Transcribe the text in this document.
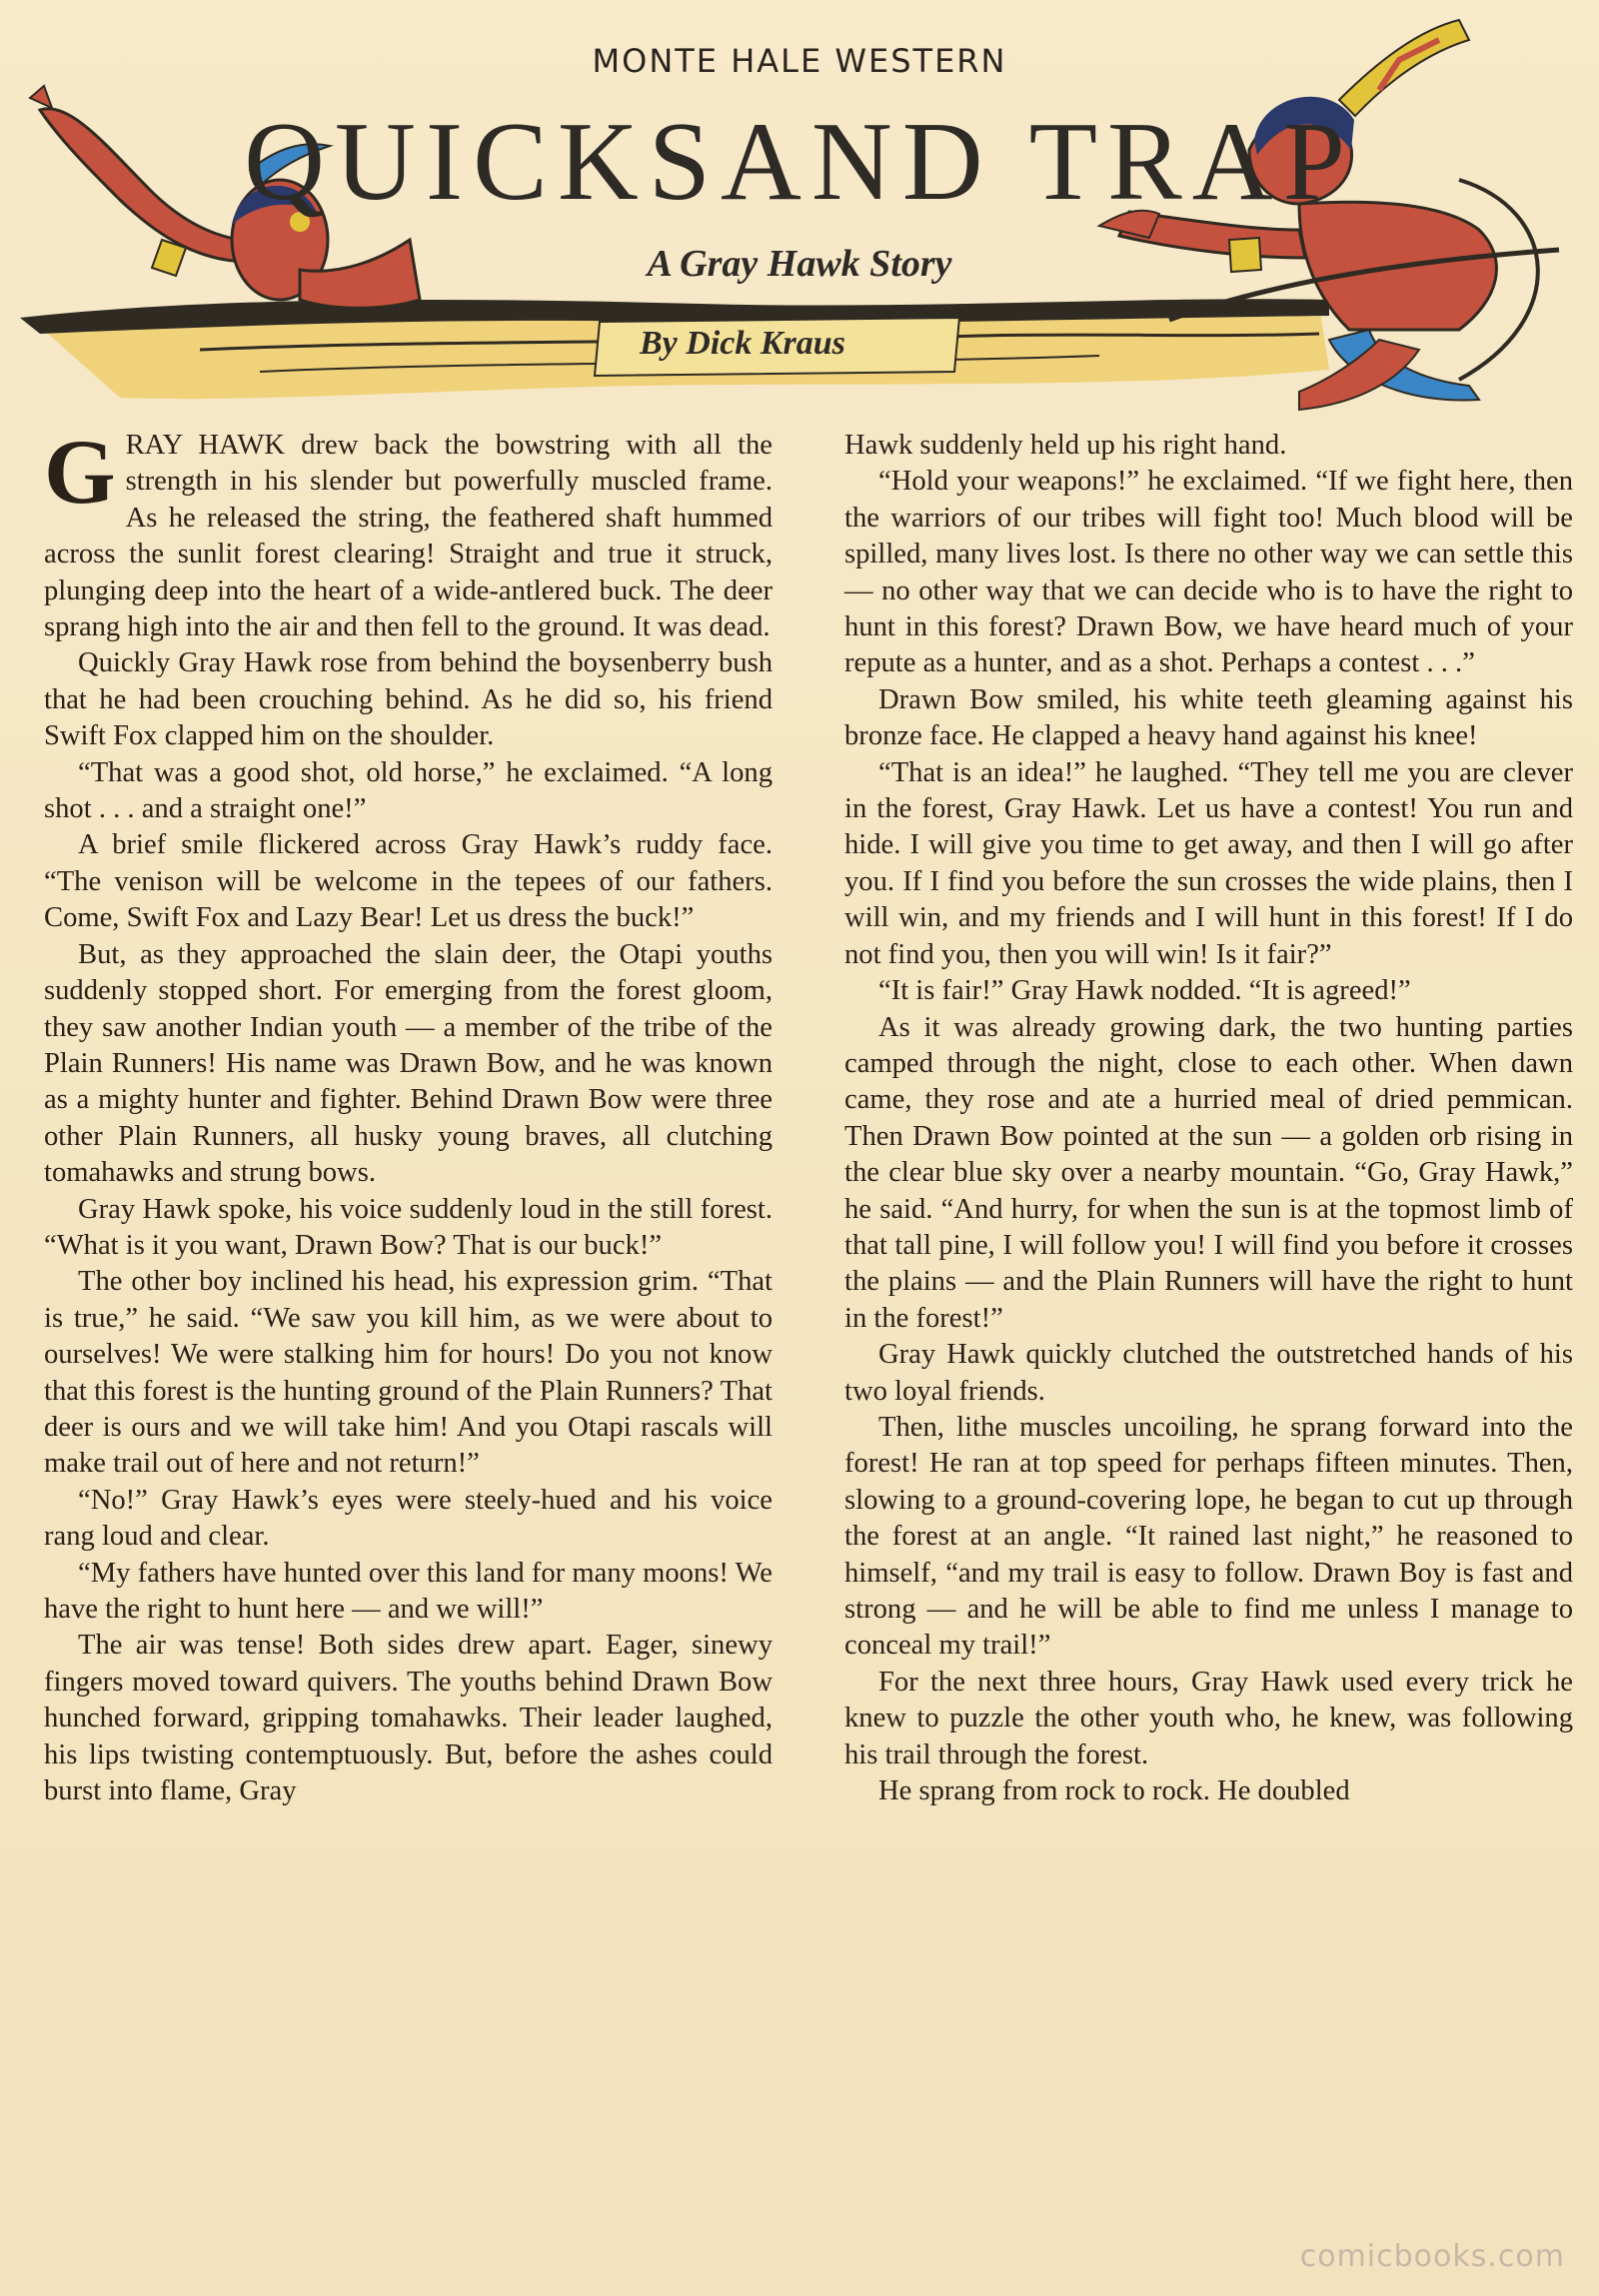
MONTE HALE WESTERN
QUICKSAND TRAP
A Gray Hawk Story
By Dick Kraus

GRAY HAWK drew back the bowstring with all the strength in his slender but powerfully muscled frame. As he released the string, the feathered shaft hummed across the sunlit forest clearing! Straight and true it struck, plunging deep into the heart of a wide-antlered buck. The deer sprang high into the air and then fell to the ground. It was dead.

Quickly Gray Hawk rose from behind the boysenberry bush that he had been crouching behind. As he did so, his friend Swift Fox clapped him on the shoulder.

“That was a good shot, old horse,” he exclaimed. “A long shot . . . and a straight one!”

A brief smile flickered across Gray Hawk’s ruddy face. “The venison will be welcome in the tepees of our fathers. Come, Swift Fox and Lazy Bear! Let us dress the buck!”

But, as they approached the slain deer, the Otapi youths suddenly stopped short. For emerging from the forest gloom, they saw another Indian youth — a member of the tribe of the Plain Runners! His name was Drawn Bow, and he was known as a mighty hunter and fighter. Behind Drawn Bow were three other Plain Runners, all husky young braves, all clutching tomahawks and strung bows.

Gray Hawk spoke, his voice suddenly loud in the still forest. “What is it you want, Drawn Bow? That is our buck!”

The other boy inclined his head, his expression grim. “That is true,” he said. “We saw you kill him, as we were about to ourselves! We were stalking him for hours! Do you not know that this forest is the hunting ground of the Plain Runners? That deer is ours and we will take him! And you Otapi rascals will make trail out of here and not return!”

“No!” Gray Hawk’s eyes were steely-hued and his voice rang loud and clear.

“My fathers have hunted over this land for many moons! We have the right to hunt here — and we will!”

The air was tense! Both sides drew apart. Eager, sinewy fingers moved toward quivers. The youths behind Drawn Bow hunched forward, gripping tomahawks. Their leader laughed, his lips twisting contemptuously. But, before the ashes could burst into flame, Gray

Hawk suddenly held up his right hand.

“Hold your weapons!” he exclaimed. “If we fight here, then the warriors of our tribes will fight too! Much blood will be spilled, many lives lost. Is there no other way we can settle this — no other way that we can decide who is to have the right to hunt in this forest? Drawn Bow, we have heard much of your repute as a hunter, and as a shot. Perhaps a contest . . .”

Drawn Bow smiled, his white teeth gleaming against his bronze face. He clapped a heavy hand against his knee!

“That is an idea!” he laughed. “They tell me you are clever in the forest, Gray Hawk. Let us have a contest! You run and hide. I will give you time to get away, and then I will go after you. If I find you before the sun crosses the wide plains, then I will win, and my friends and I will hunt in this forest! If I do not find you, then you will win! Is it fair?”

“It is fair!” Gray Hawk nodded. “It is agreed!”

As it was already growing dark, the two hunting parties camped through the night, close to each other. When dawn came, they rose and ate a hurried meal of dried pemmican. Then Drawn Bow pointed at the sun — a golden orb rising in the clear blue sky over a nearby mountain. “Go, Gray Hawk,” he said. “And hurry, for when the sun is at the topmost limb of that tall pine, I will follow you! I will find you before it crosses the plains — and the Plain Runners will have the right to hunt in the forest!”

Gray Hawk quickly clutched the outstretched hands of his two loyal friends.

Then, lithe muscles uncoiling, he sprang forward into the forest! He ran at top speed for perhaps fifteen minutes. Then, slowing to a ground-covering lope, he began to cut up through the forest at an angle. “It rained last night,” he reasoned to himself, “and my trail is easy to follow. Drawn Boy is fast and strong — and he will be able to find me unless I manage to conceal my trail!”

For the next three hours, Gray Hawk used every trick he knew to puzzle the other youth who, he knew, was following his trail through the forest.

He sprang from rock to rock. He doubled

comicbooks.com
